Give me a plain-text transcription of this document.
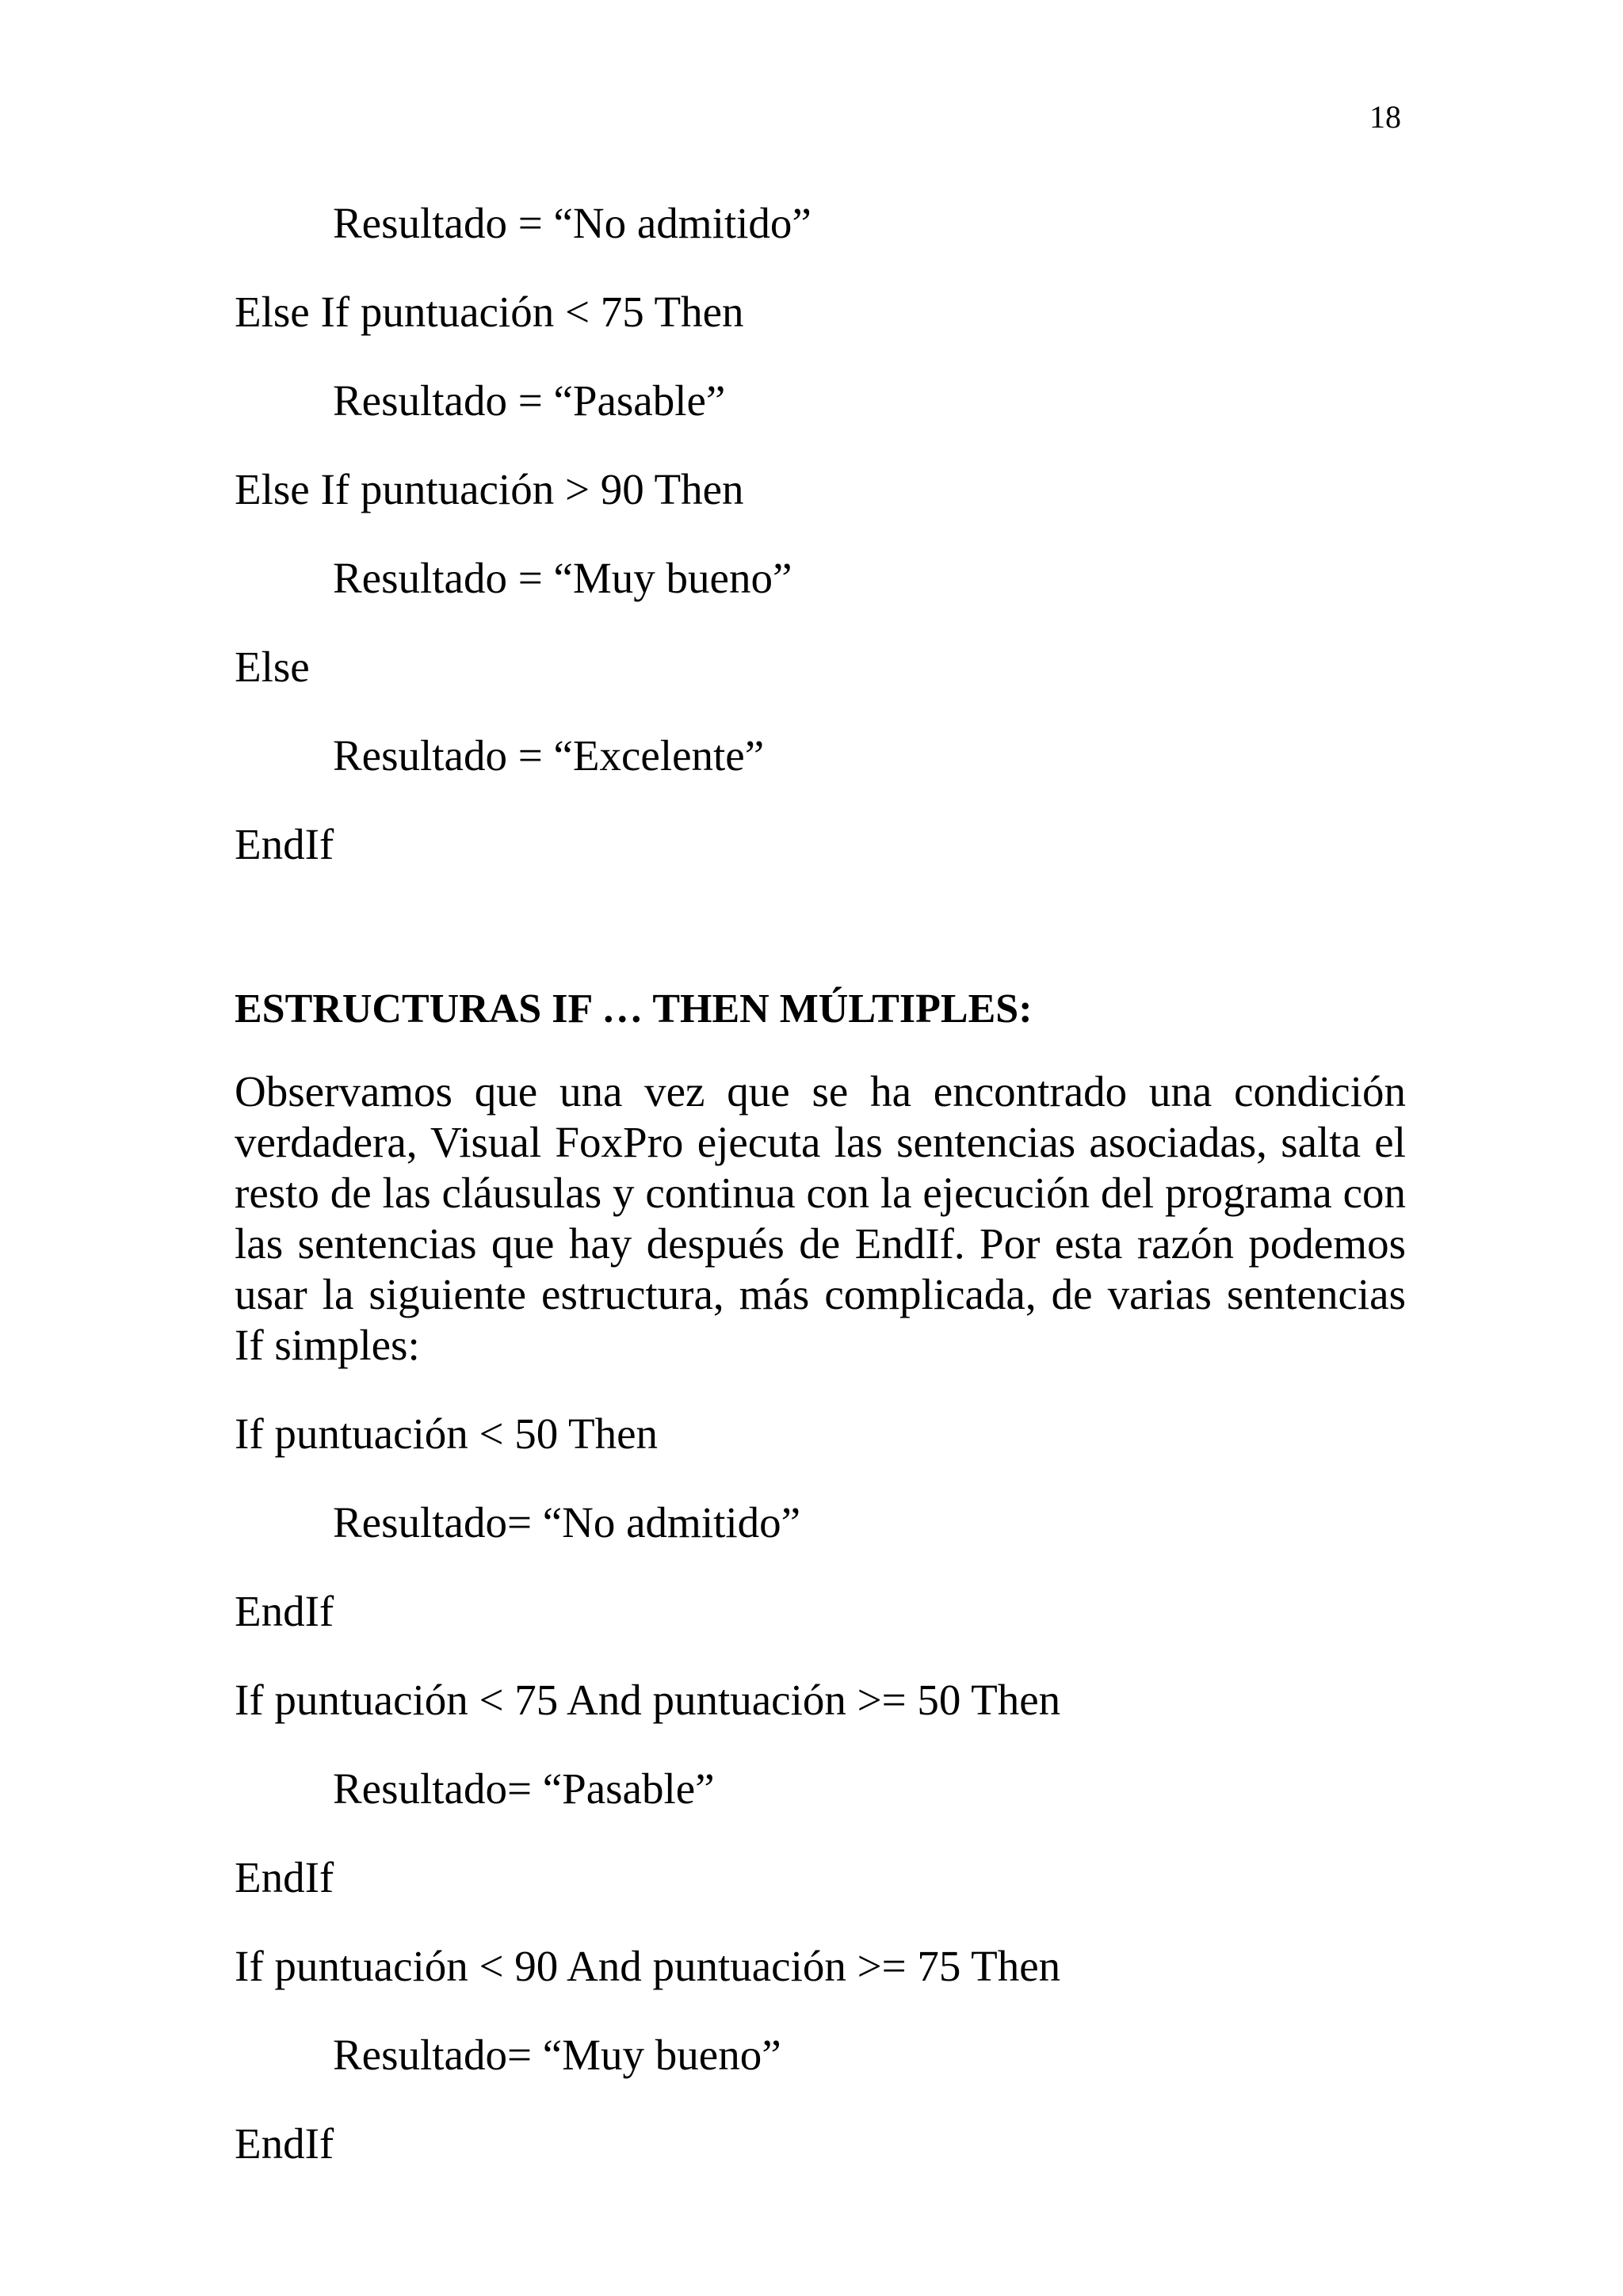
18
Resultado = “No admitido”
Else If puntuación < 75 Then
Resultado = “Pasable”
Else If puntuación > 90 Then
Resultado = “Muy bueno”
Else
Resultado = “Excelente”
EndIf
ESTRUCTURAS IF … THEN MÚLTIPLES:
Observamos que una vez que se ha encontrado una condición verdadera, Visual FoxPro ejecuta las sentencias asociadas, salta el resto de las cláusulas y continua con la ejecución del programa con las sentencias que hay después de EndIf. Por esta razón podemos usar la siguiente estructura, más complicada, de varias sentencias If simples:
If puntuación < 50 Then
Resultado= “No admitido”
EndIf
If puntuación < 75 And puntuación >= 50 Then
Resultado= “Pasable”
EndIf
If puntuación < 90 And puntuación >= 75 Then
Resultado= “Muy bueno”
EndIf
